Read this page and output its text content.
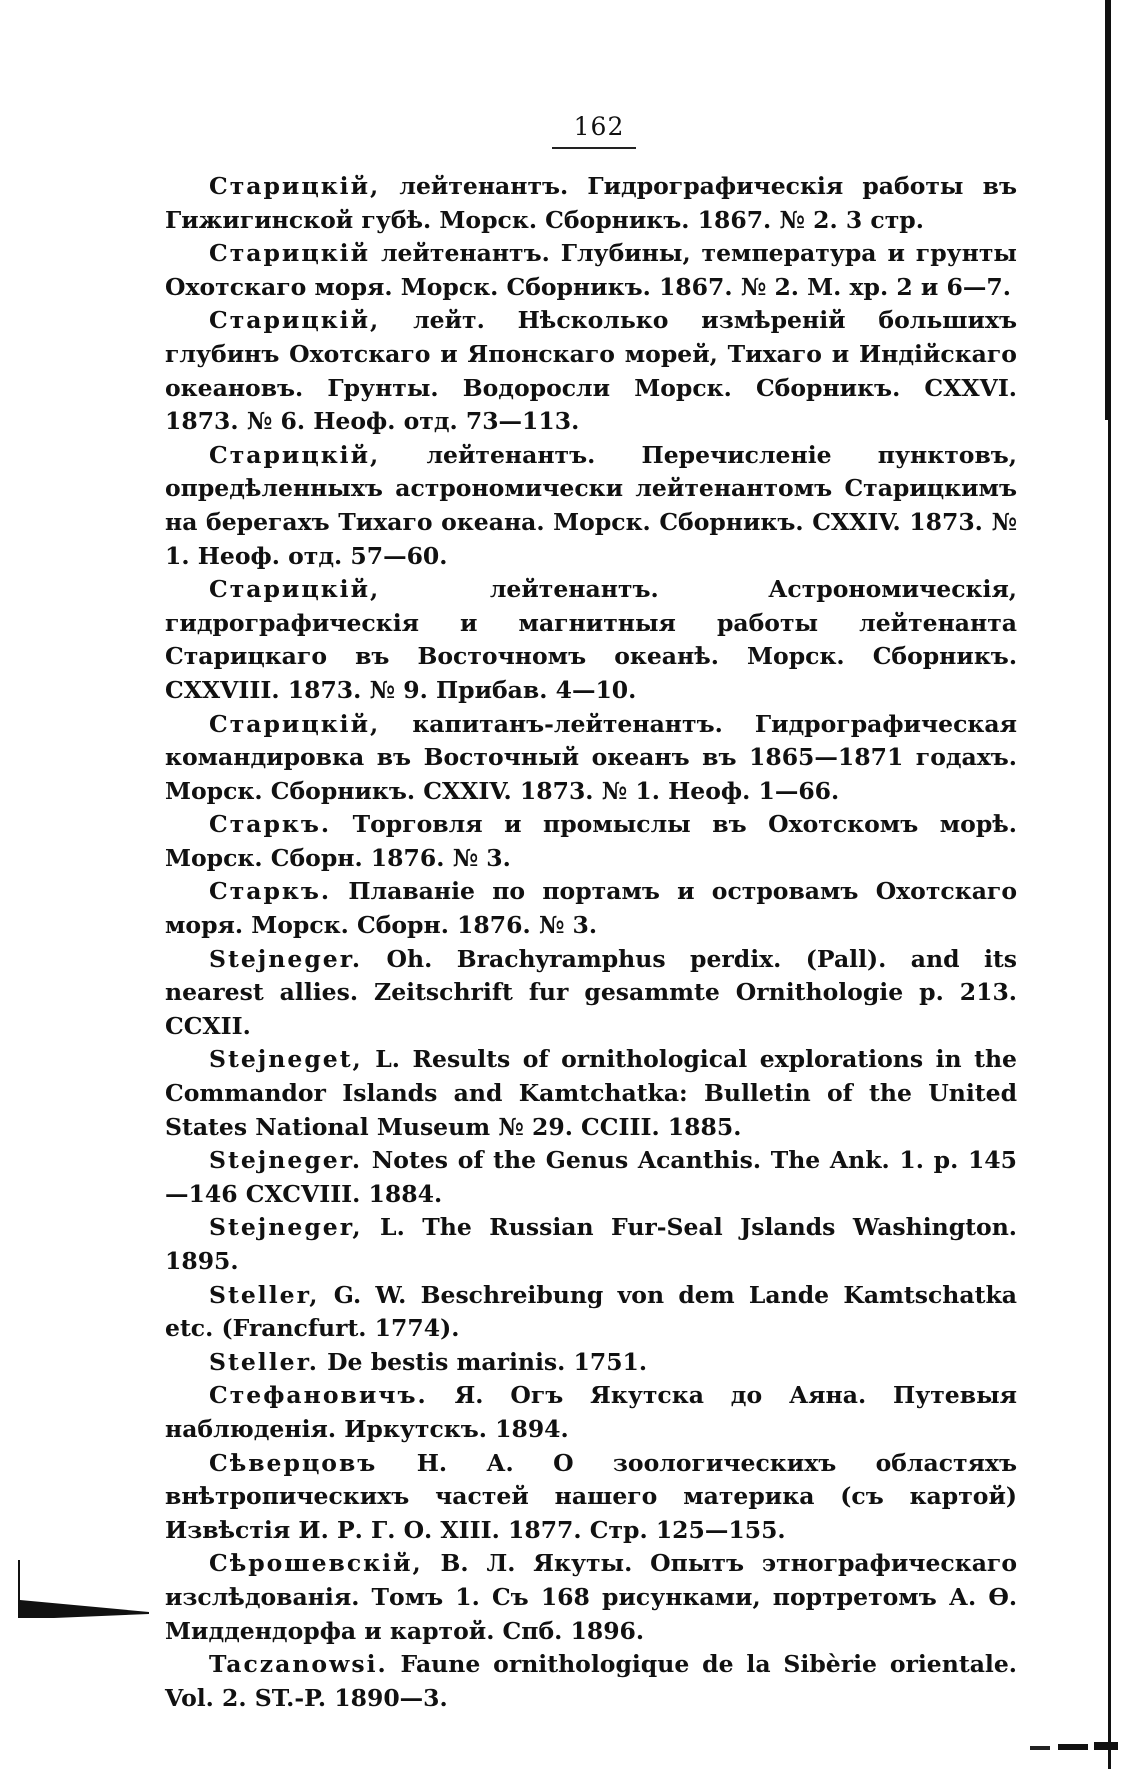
162

Старицкій, лейтенантъ. Гидрографическія работы въ Гижигинской губѣ. Морск. Сборникъ. 1867. № 2. 3 стр.

Старицкій лейтенантъ. Глубины, температура и грунты Охотскаго моря. Морск. Сборникъ. 1867. № 2. М. хр. 2 и 6—7.

Старицкій, лейт. Нѣсколько измѣреній большихъ глубинъ Охотскаго и Японскаго морей, Тихаго и Индійскаго океановъ. Грунты. Водоросли Морск. Сборникъ. CXXVI. 1873. № 6. Неоф. отд. 73—113.

Старицкій, лейтенантъ. Перечисленіе пунктовъ, опредѣленныхъ астрономически лейтенантомъ Старицкимъ на берегахъ Тихаго океана. Морск. Сборникъ. CXXIV. 1873. № 1. Неоф. отд. 57—60.

Старицкій, лейтенантъ. Астрономическія, гидрографическія и магнитныя работы лейтенанта Старицкаго въ Восточномъ океанѣ. Морск. Сборникъ. CXXVIII. 1873. № 9. Прибав. 4—10.

Старицкій, капитанъ-лейтенантъ. Гидрографическая командировка въ Восточный океанъ въ 1865—1871 годахъ. Морск. Сборникъ. CXXIV. 1873. № 1. Неоф. 1—66.

Старкъ. Торговля и промыслы въ Охотскомъ морѣ. Морск. Сборн. 1876. № 3.

Старкъ. Плаваніе по портамъ и островамъ Охотскаго моря. Морск. Сборн. 1876. № 3.

Stejneger. Oh. Brachyramphus perdix. (Pall). and its nearest allies. Zeitschrift fur gesammte Ornithologie p. 213. CCXII.

Stejneget, L. Results of ornithological explorations in the Commandor Islands and Kamtchatka: Bulletin of the United States National Museum № 29. CCIII. 1885.

Stejneger. Notes of the Genus Acanthis. The Ank. 1. p. 145—146 CXCVIII. 1884.

Stejneger, L. The Russian Fur-Seal Jslands Washington. 1895.

Steller, G. W. Beschreibung von dem Lande Kamtschatka etc. (Francfurt. 1774).

Steller. De bestis marinis. 1751.

Стефановичъ. Я. Огъ Якутска до Аяна. Путевыя наблюденія. Иркутскъ. 1894.

Сѣверцовъ Н. А. О зоологическихъ областяхъ внѣтропическихъ частей нашего материка (съ картой) Извѣстія И. Р. Г. О. XIII. 1877. Стр. 125—155.

Сѣрошевскій, В. Л. Якуты. Опытъ этнографическаго изслѣдованія. Томъ 1. Съ 168 рисунками, портретомъ А. Ѳ. Миддендорфа и картой. Спб. 1896.

Taczanowsi. Faune ornithologique de la Sibèrie orientale. Vol. 2. ST.-P. 1890—3.
